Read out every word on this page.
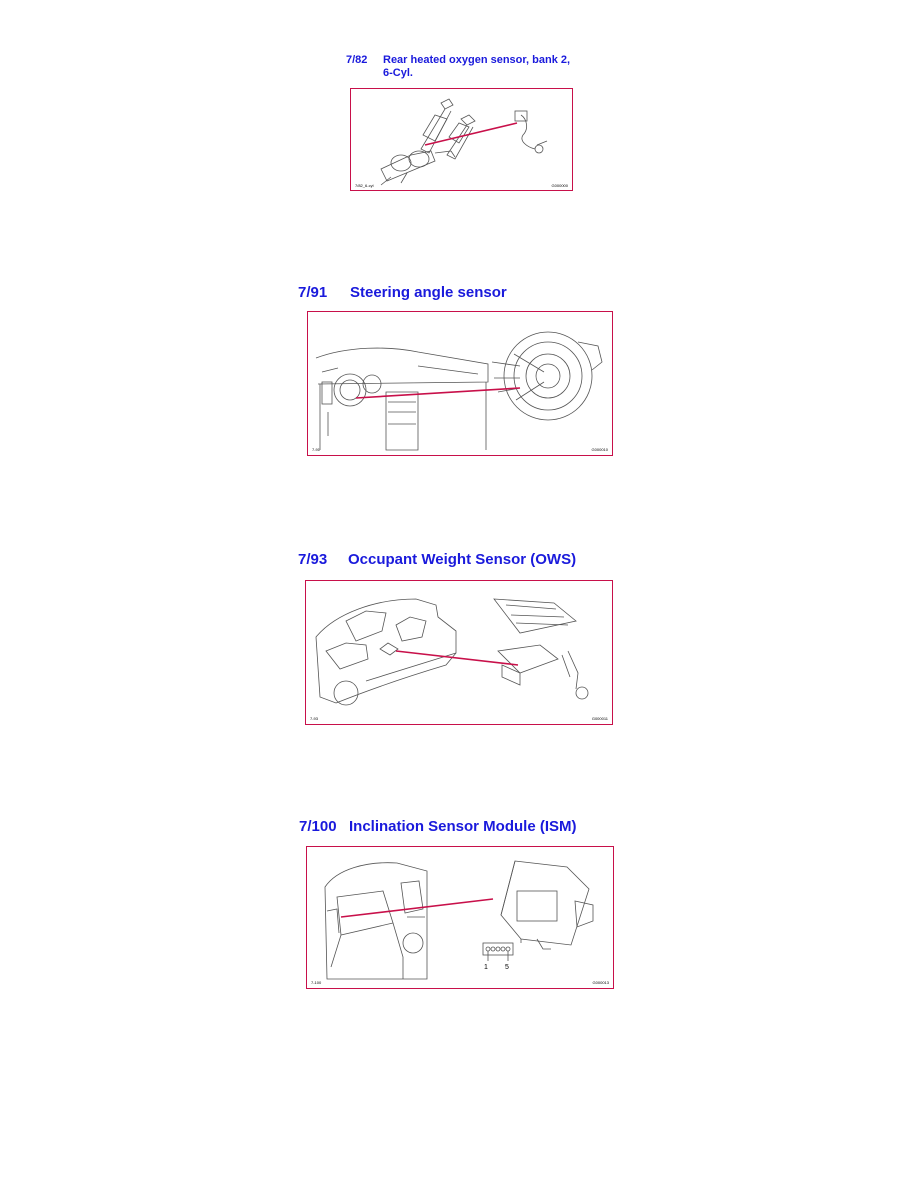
7/82 Rear heated oxygen sensor, bank 2,
6-Cyl.
7/82_6-cyl	G000000
7/91 Steering angle sensor
7-91	G000010
7/93 Occupant Weight Sensor (OWS)
7-93	G000011
7/100 Inclination Sensor Module (ISM)
1 5
7-100	G000013
